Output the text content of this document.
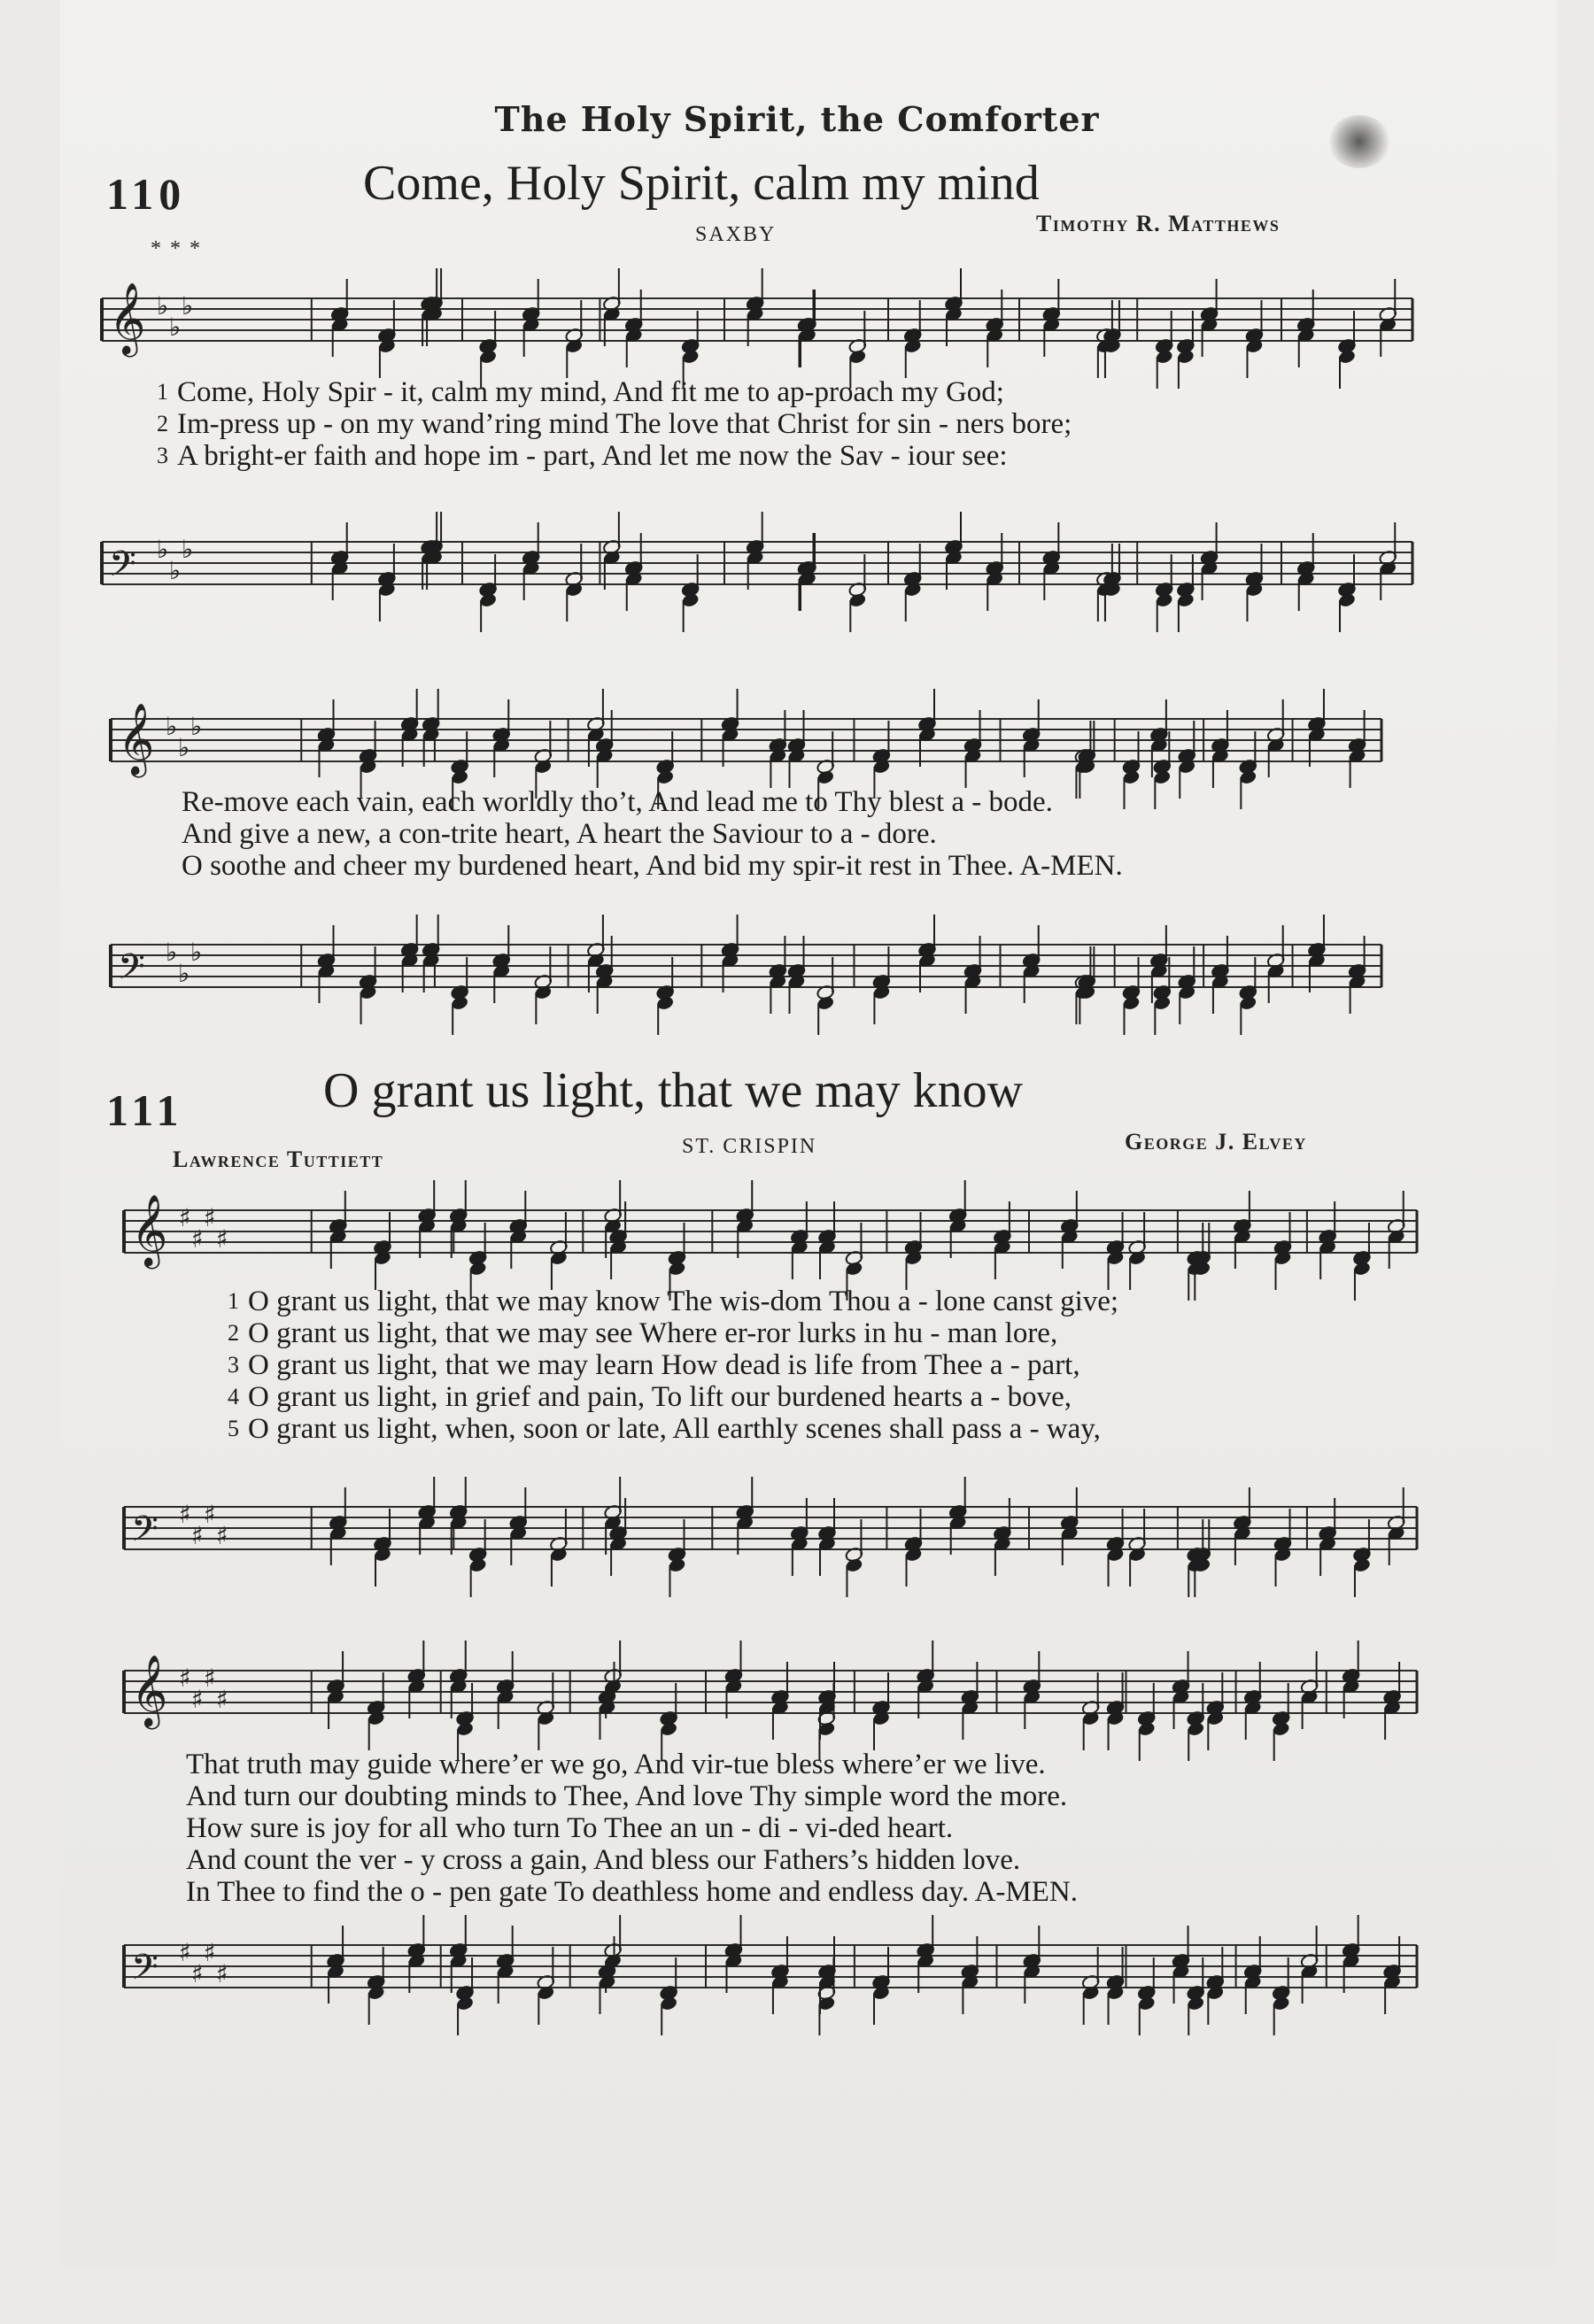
The Holy Spirit, the Comforter
110	Come, Holy Spirit, calm my mind
* * *
SAXBY	Timothy R. Matthews
𝄞 ♭
♭
♭
1 Come, Holy Spir - it, calm my mind, And fit me to ap-proach my God;
2 Im-press up - on my wand’ring mind The love that Christ for sin - ners bore;
3 A bright-er faith and hope im - part, And let me now the Sav - iour see:
𝄢 ♭
♭
♭
𝄞 ♭
♭
♭
Re-move each vain, each worldly tho’t, And lead me to Thy blest a - bode.
And give a new, a con-trite heart, A heart the Saviour to a - dore.
O soothe and cheer my burdened heart, And bid my spir-it rest in Thee. A-MEN.
𝄢 ♭
♭
♭
111	O grant us light, that we may know
Lawrence Tuttiett	ST. CRISPIN	George J. Elvey
𝄞 ♯
♯
♯
♯
1 O grant us light, that we may know The wis-dom Thou a - lone canst give;
2 O grant us light, that we may see Where er-ror lurks in hu - man lore,
3 O grant us light, that we may learn How dead is life from Thee a - part,
4 O grant us light, in grief and pain, To lift our burdened hearts a - bove,
5 O grant us light, when, soon or late, All earthly scenes shall pass a - way,
𝄢 ♯
♯
♯
♯
𝄞 ♯
♯
♯
♯
That truth may guide where’er we go, And vir-tue bless where’er we live.
And turn our doubting minds to Thee, And love Thy simple word the more.
How sure is joy for all who turn To Thee an un - di - vi-ded heart.
And count the ver - y cross a gain, And bless our Fathers’s hidden love.
In Thee to find the o - pen gate To deathless home and endless day. A-MEN.
𝄢 ♯
♯
♯
♯
